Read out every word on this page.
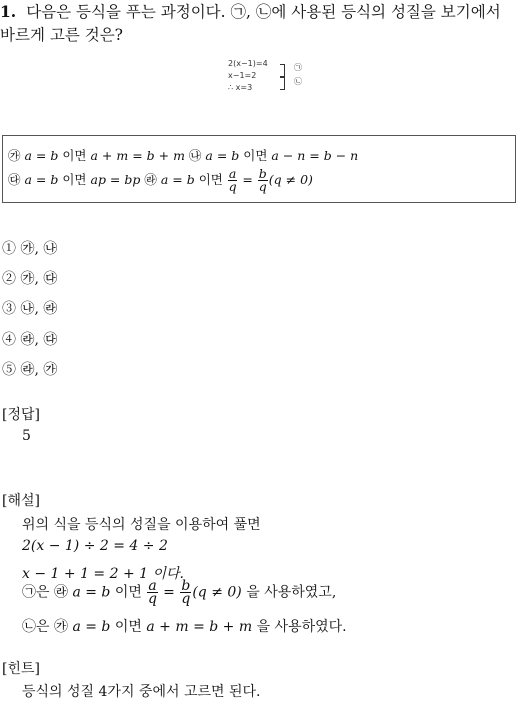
1. 다음은 등식을 푸는 과정이다. ㉠, ㉡에 사용된 등식의 성질을 보기에서
바르게 고른 것은?
2(x−1)=4
x−1=2
∴ x=3
㉠
㉡
㉮ a = b 이면 a + m = b + m ㉯ a = b 이면 a − n = b − n
㉰ a = b 이면 ap = bp ㉱ a = b 이면 $\frac{a}{q} = \frac{b}{q} (q \ne 0)$
① ㉮, ㉯
② ㉮, ㉰
③ ㉯, ㉱
④ ㉱, ㉰
⑤ ㉱, ㉮
[정답]
5
[해설]
위의 식을 등식의 성질을 이용하여 풀면
2(x − 1) ÷ 2 = 4 ÷ 2
x − 1 + 1 = 2 + 1 이다.
㉠은 ㉱ a = b 이면 $\frac{a}{q} = \frac{b}{q} (q \ne 0)$ 을 사용하였고,
㉡은 ㉮ a = b 이면 a + m = b + m 을 사용하였다.
[힌트]
등식의 성질 4가지 중에서 고르면 된다.
